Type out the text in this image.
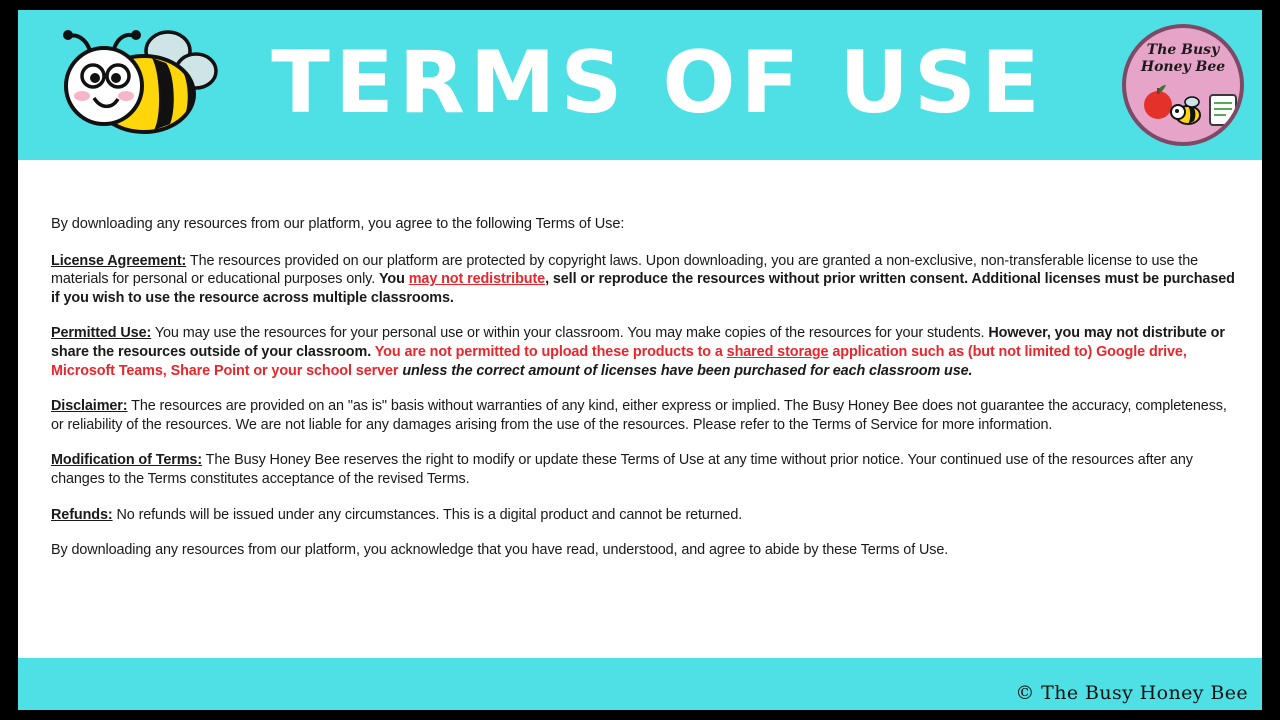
TERMS OF USE	The Busy
Honey Bee

By downloading any resources from our platform, you agree to the following Terms of Use:

License Agreement: The resources provided on our platform are protected by copyright laws. Upon downloading, you are granted a non-exclusive, non-transferable license to use the materials for personal or educational purposes only. You may not redistribute, sell or reproduce the resources without prior written consent. Additional licenses must be purchased if you wish to use the resource across multiple classrooms.

Permitted Use: You may use the resources for your personal use or within your classroom. You may make copies of the resources for your students. However, you may not distribute or share the resources outside of your classroom. You are not permitted to upload these products to a shared storage application such as (but not limited to) Google drive, Microsoft Teams, Share Point or your school server unless the correct amount of licenses have been purchased for each classroom use.

Disclaimer: The resources are provided on an "as is" basis without warranties of any kind, either express or implied. The Busy Honey Bee does not guarantee the accuracy, completeness, or reliability of the resources. We are not liable for any damages arising from the use of the resources. Please refer to the Terms of Service for more information.

Modification of Terms: The Busy Honey Bee reserves the right to modify or update these Terms of Use at any time without prior notice. Your continued use of the resources after any changes to the Terms constitutes acceptance of the revised Terms.

Refunds: No refunds will be issued under any circumstances. This is a digital product and cannot be returned.

By downloading any resources from our platform, you acknowledge that you have read, understood, and agree to abide by these Terms of Use.

© The Busy Honey Bee
